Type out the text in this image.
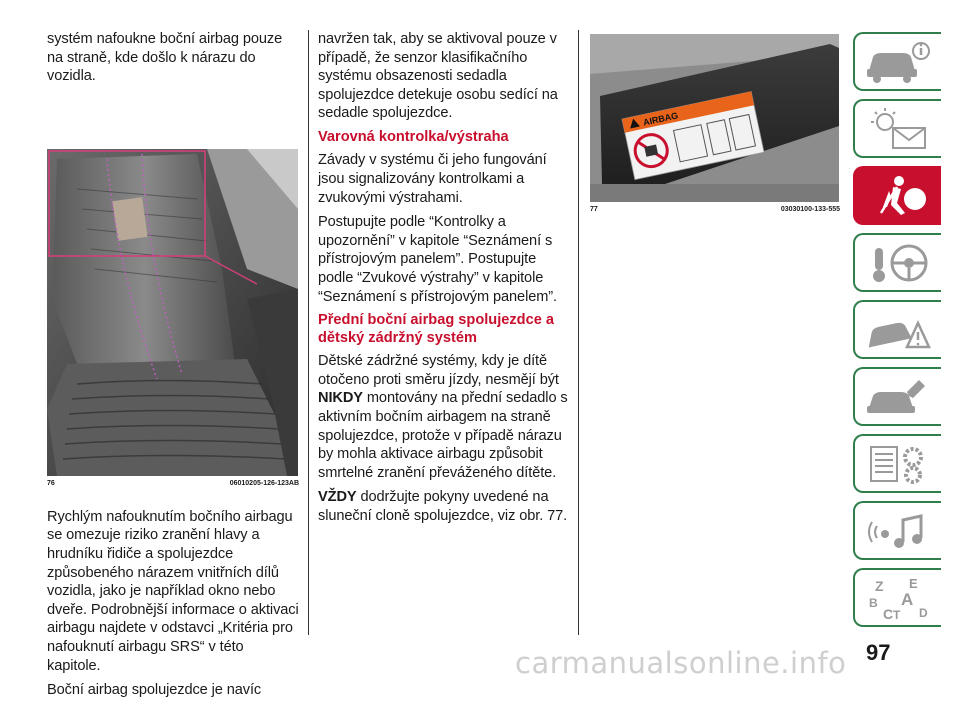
systém nafoukne boční airbag pouze na straně, kde došlo k nárazu do vozidla.

76	06010205-126-123AB

Rychlým nafouknutím bočního airbagu se omezuje riziko zranění hlavy a hrudníku řidiče a spolujezdce způsobeného nárazem vnitřních dílů vozidla, jako je například okno nebo dveře. Podrobnější informace o aktivaci airbagu najdete v odstavci „Kritéria pro nafouknutí airbagu SRS“ v této kapitole.

Boční airbag spolujezdce je navíc

navržen tak, aby se aktivoval pouze v případě, že senzor klasifikačního systému obsazenosti sedadla spolujezdce detekuje osobu sedící na sedadle spolujezdce.

Varovná kontrolka/výstraha

Závady v systému či jeho fungování jsou signalizovány kontrolkami a zvukovými výstrahami.

Postupujte podle “Kontrolky a upozornění” v kapitole “Seznámení s přístrojovým panelem”. Postupujte podle “Zvukové výstrahy” v kapitole “Seznámení s přístrojovým panelem”.

Přední boční airbag spolujezdce a dětský zádržný systém

Dětské zádržné systémy, kdy je dítě otočeno proti směru jízdy, nesmějí být NIKDY montovány na přední sedadlo s aktivním bočním airbagem na straně spolujezdce, protože v případě nárazu by mohla aktivace airbagu způsobit smrtelné zranění převáženého dítěte.

VŽDY dodržujte pokyny uvedené na sluneční cloně spolujezdce, viz obr. 77.

AIRBAG
77	03030100-133-555
Z E
A
B
C T D
97
carmanualsonline.info
